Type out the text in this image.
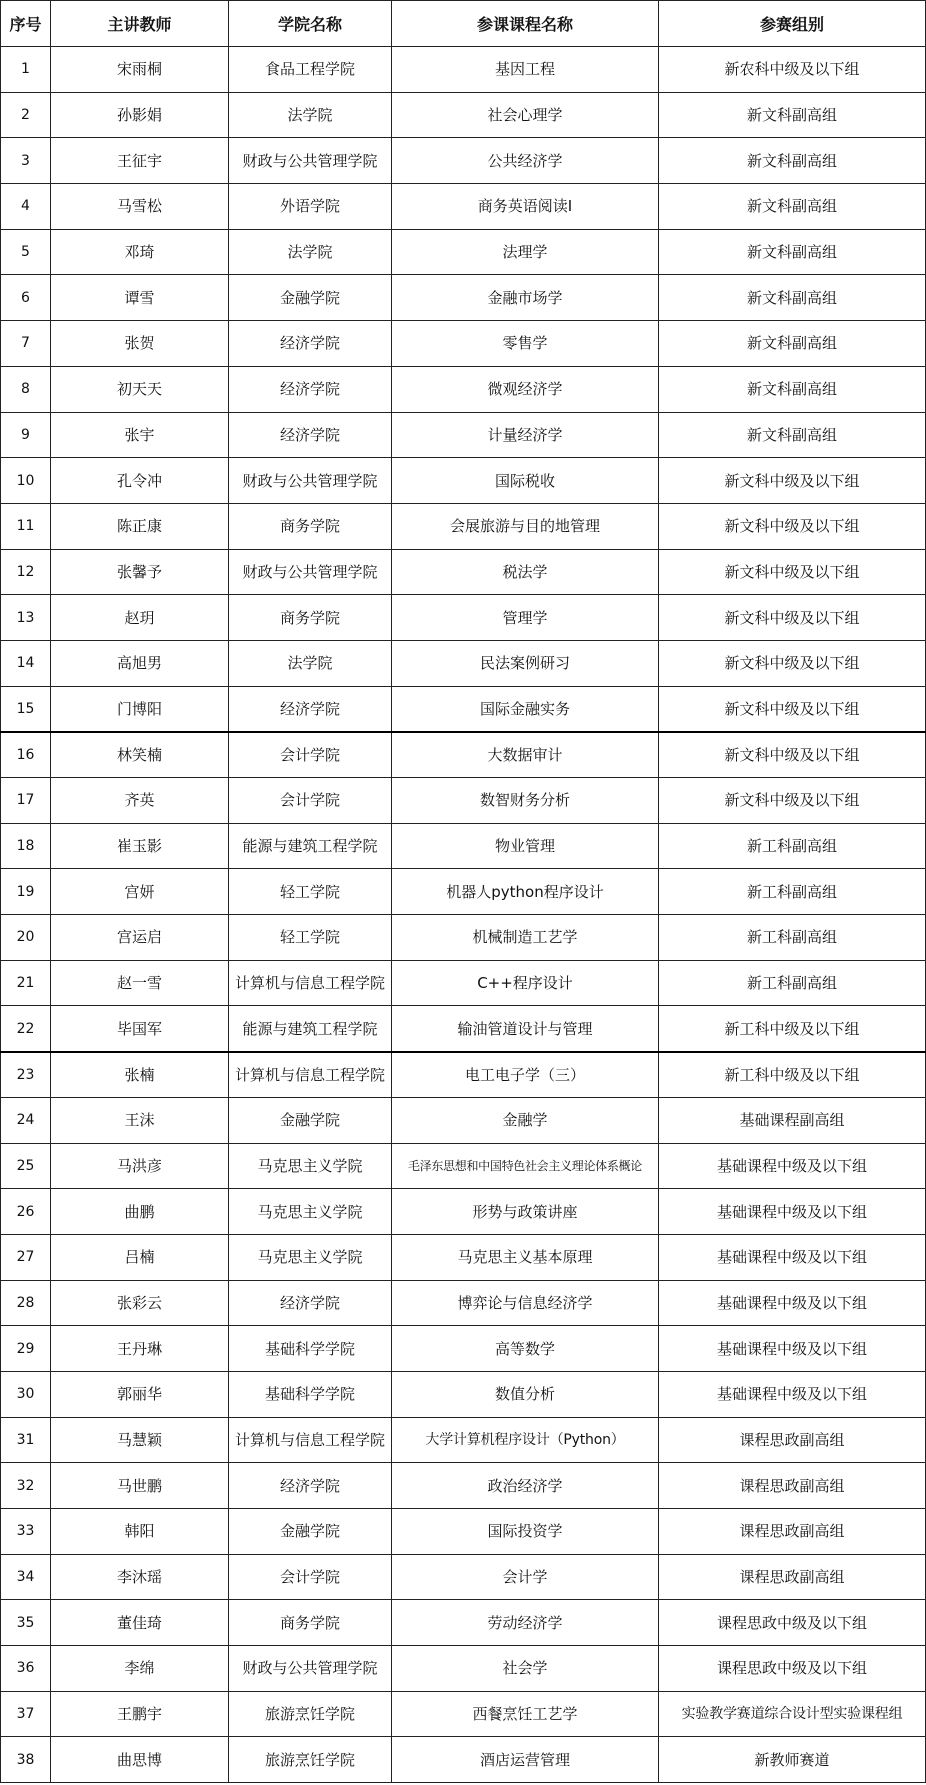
序号	主讲教师	学院名称	参课课程名称	参赛组别
1	宋雨桐	食品工程学院	基因工程	新农科中级及以下组
2	孙影娟	法学院	社会心理学	新文科副高组
3	王征宇	财政与公共管理学院	公共经济学	新文科副高组
4	马雪松	外语学院	商务英语阅读Ⅰ	新文科副高组
5	邓琦	法学院	法理学	新文科副高组
6	谭雪	金融学院	金融市场学	新文科副高组
7	张贺	经济学院	零售学	新文科副高组
8	初天天	经济学院	微观经济学	新文科副高组
9	张宇	经济学院	计量经济学	新文科副高组
10	孔令冲	财政与公共管理学院	国际税收	新文科中级及以下组
11	陈正康	商务学院	会展旅游与目的地管理	新文科中级及以下组
12	张馨予	财政与公共管理学院	税法学	新文科中级及以下组
13	赵玥	商务学院	管理学	新文科中级及以下组
14	高旭男	法学院	民法案例研习	新文科中级及以下组
15	门博阳	经济学院	国际金融实务	新文科中级及以下组
16	林笑楠	会计学院	大数据审计	新文科中级及以下组
17	齐英	会计学院	数智财务分析	新文科中级及以下组
18	崔玉影	能源与建筑工程学院	物业管理	新工科副高组
19	宫妍	轻工学院	机器人python程序设计	新工科副高组
20	宫运启	轻工学院	机械制造工艺学	新工科副高组
21	赵一雪	计算机与信息工程学院	C++程序设计	新工科副高组
22	毕国军	能源与建筑工程学院	输油管道设计与管理	新工科中级及以下组
23	张楠	计算机与信息工程学院	电工电子学（三）	新工科中级及以下组
24	王沫	金融学院	金融学	基础课程副高组
25	马洪彦	马克思主义学院	毛泽东思想和中国特色社会主义理论体系概论	基础课程中级及以下组
26	曲鹏	马克思主义学院	形势与政策讲座	基础课程中级及以下组
27	吕楠	马克思主义学院	马克思主义基本原理	基础课程中级及以下组
28	张彩云	经济学院	博弈论与信息经济学	基础课程中级及以下组
29	王丹琳	基础科学学院	高等数学	基础课程中级及以下组
30	郭丽华	基础科学学院	数值分析	基础课程中级及以下组
31	马慧颖	计算机与信息工程学院	大学计算机程序设计（Python）	课程思政副高组
32	马世鹏	经济学院	政治经济学	课程思政副高组
33	韩阳	金融学院	国际投资学	课程思政副高组
34	李沐瑶	会计学院	会计学	课程思政副高组
35	董佳琦	商务学院	劳动经济学	课程思政中级及以下组
36	李绵	财政与公共管理学院	社会学	课程思政中级及以下组
37	王鹏宇	旅游烹饪学院	西餐烹饪工艺学	实验教学赛道综合设计型实验课程组
38	曲思博	旅游烹饪学院	酒店运营管理	新教师赛道
